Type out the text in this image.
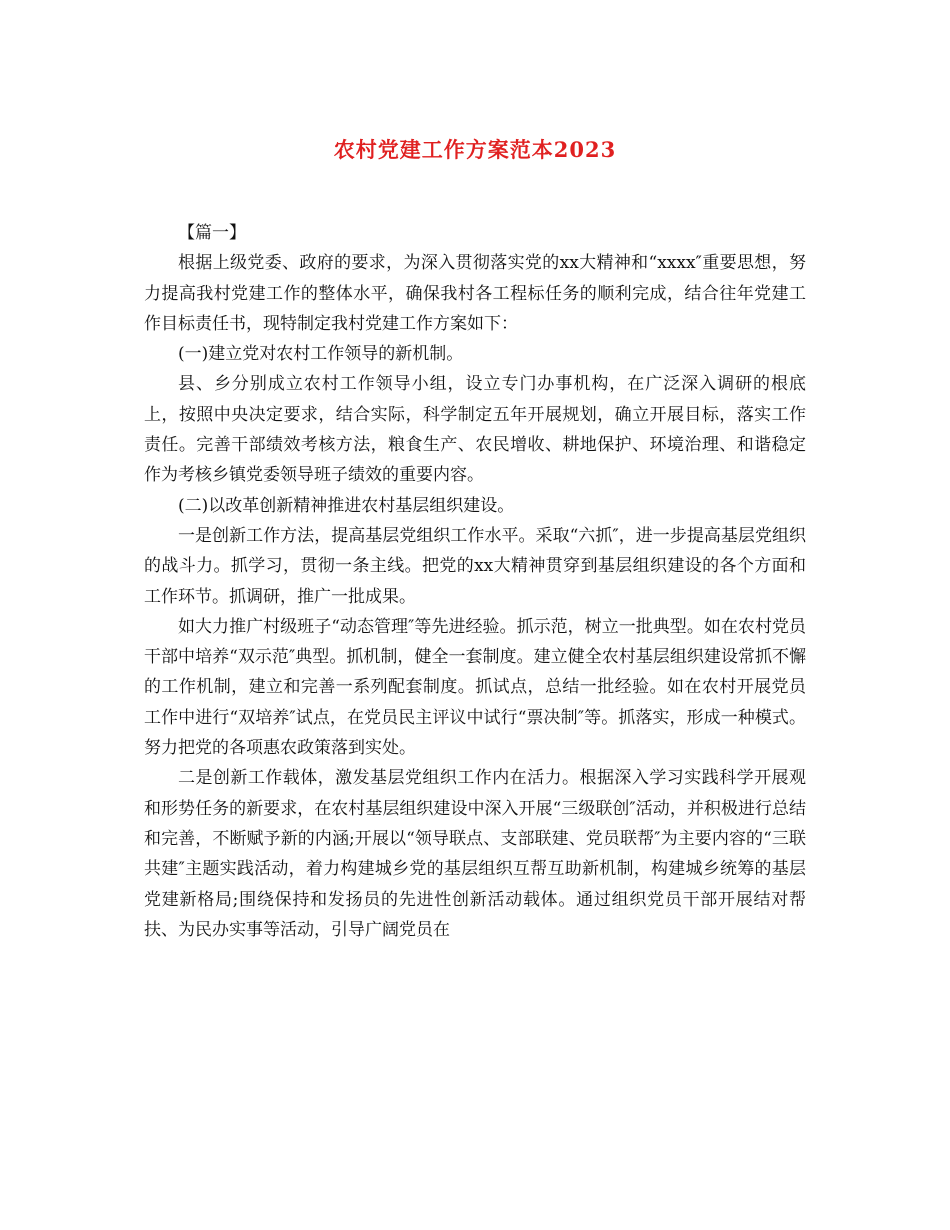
农村党建工作方案范本2023

【篇一】

根据上级党委、政府的要求，为深入贯彻落实党的xx大精神和“xxxx″重要思想，努力提高我村党建工作的整体水平，确保我村各工程标任务的顺利完成，结合往年党建工作目标责任书，现特制定我村党建工作方案如下：

(一)建立党对农村工作领导的新机制。

县、乡分别成立农村工作领导小组，设立专门办事机构，在广泛深入调研的根底上，按照中央决定要求，结合实际，科学制定五年开展规划，确立开展目标，落实工作责任。完善干部绩效考核方法，粮食生产、农民增收、耕地保护、环境治理、和谐稳定作为考核乡镇党委领导班子绩效的重要内容。

(二)以改革创新精神推进农村基层组织建设。

一是创新工作方法，提高基层党组织工作水平。采取“六抓″，进一步提高基层党组织的战斗力。抓学习，贯彻一条主线。把党的xx大精神贯穿到基层组织建设的各个方面和工作环节。抓调研，推广一批成果。

如大力推广村级班子“动态管理″等先进经验。抓示范，树立一批典型。如在农村党员干部中培养“双示范″典型。抓机制，健全一套制度。建立健全农村基层组织建设常抓不懈的工作机制，建立和完善一系列配套制度。抓试点，总结一批经验。如在农村开展党员工作中进行“双培养″试点，在党员民主评议中试行“票决制″等。抓落实，形成一种模式。努力把党的各项惠农政策落到实处。

二是创新工作载体，激发基层党组织工作内在活力。根据深入学习实践科学开展观和形势任务的新要求，在农村基层组织建设中深入开展“三级联创″活动，并积极进行总结和完善，不断赋予新的内涵;开展以“领导联点、支部联建、党员联帮″为主要内容的“三联共建″主题实践活动，着力构建城乡党的基层组织互帮互助新机制，构建城乡统筹的基层党建新格局;围绕保持和发扬员的先进性创新活动载体。通过组织党员干部开展结对帮扶、为民办实事等活动，引导广阔党员在
